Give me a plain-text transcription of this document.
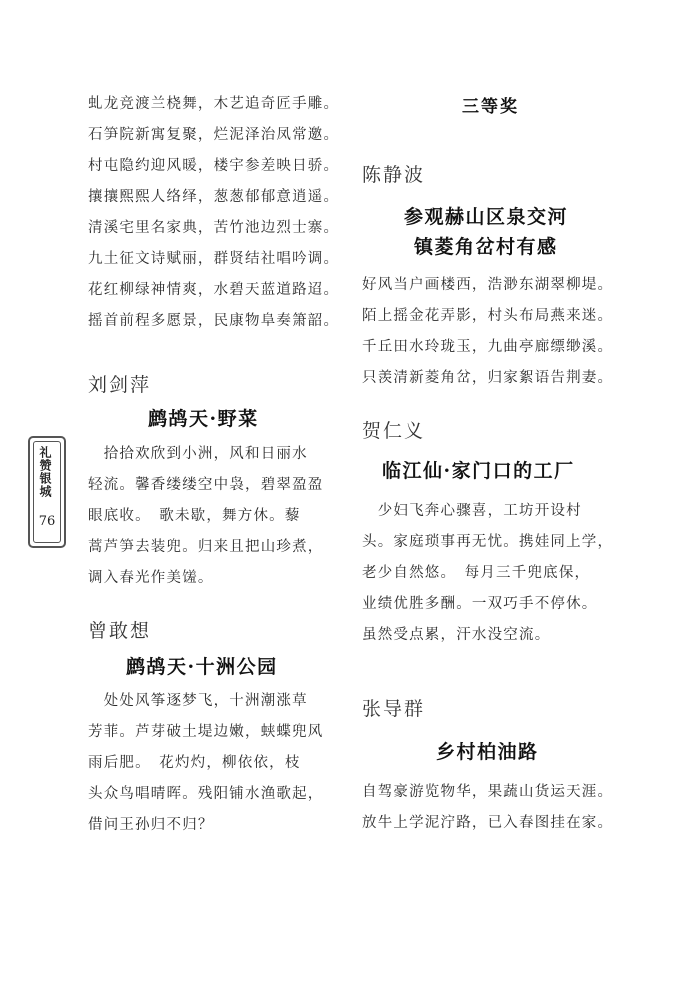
虬龙竞渡兰桡舞，木艺追奇匠手雕。
石笋院新寓复聚，烂泥泽治凤常邀。
村屯隐约迎风暖，楼宇参差映日骄。
攘攘熙熙人络绎，葱葱郁郁意逍遥。
清溪宅里名家典，苦竹池边烈士寨。
九土征文诗赋丽，群贤结社唱吟调。
花红柳绿神情爽，水碧天蓝道路迢。
摇首前程多愿景，民康物阜奏箫韶。
刘剑萍
鹧鸪天·野菜
　拾拾欢欣到小洲，风和日丽水
轻流。馨香缕缕空中袅，碧翠盈盈
眼底收。　歌未歇，舞方休。藜
蒿芦笋去装兜。归来且把山珍煮，
调入春光作美馐。
曾敢想
鹧鸪天·十洲公园
　处处风筝逐梦飞，十洲潮涨草
芳菲。芦芽破土堤边嫩，蛱蝶兜风
雨后肥。　花灼灼，柳依依，枝
头众鸟唱晴晖。残阳铺水渔歌起，
借问王孙归不归？
三等奖
陈静波
参观赫山区泉交河
镇菱角岔村有感
好风当户画楼西，浩渺东湖翠柳堤。
陌上摇金花弄影，村头布局燕来迷。
千丘田水玲珑玉，九曲亭廊缥缈溪。
只羡清新菱角岔，归家絮语告荆妻。
贺仁义
临江仙·家门口的工厂
　少妇飞奔心骤喜，工坊开设村
头。家庭琐事再无忧。携娃同上学，
老少自然悠。　每月三千兜底保，
业绩优胜多酬。一双巧手不停休。
虽然受点累，汗水没空流。
张导群
乡村柏油路
自驾豪游览物华，果蔬山货运天涯。
放牛上学泥泞路，已入春图挂在家。
礼赞银城
76
